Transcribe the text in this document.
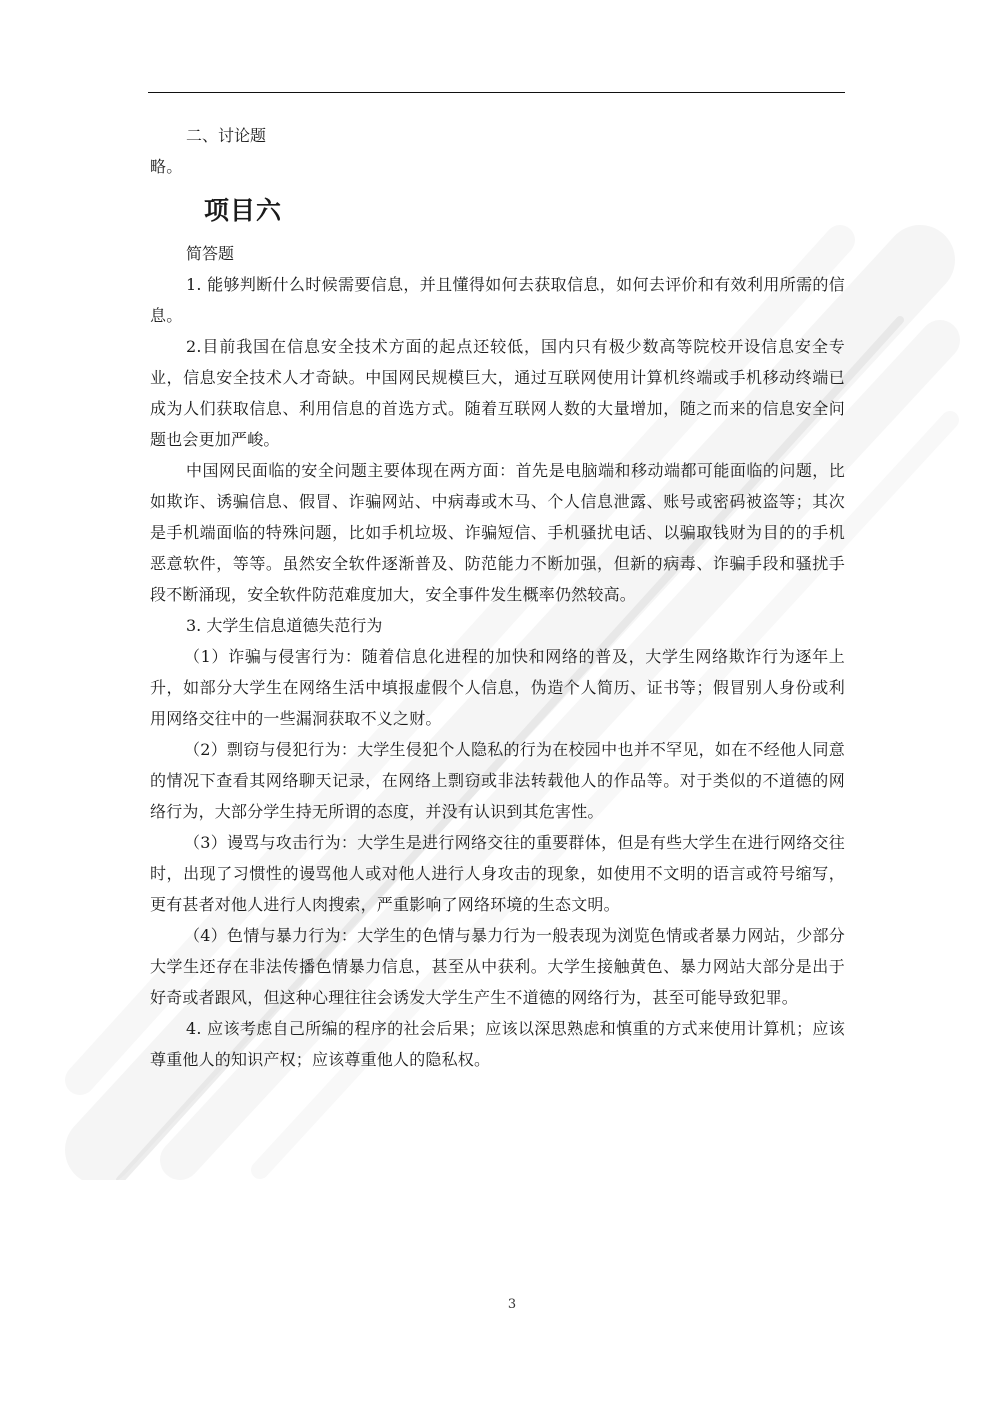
二、讨论题

略。

项目六

简答题

1. 能够判断什么时候需要信息，并且懂得如何去获取信息，如何去评价和有效利用所需的信息。

2.目前我国在信息安全技术方面的起点还较低，国内只有极少数高等院校开设信息安全专业，信息安全技术人才奇缺。中国网民规模巨大，通过互联网使用计算机终端或手机移动终端已成为人们获取信息、利用信息的首选方式。随着互联网人数的大量增加，随之而来的信息安全问题也会更加严峻。

中国网民面临的安全问题主要体现在两方面：首先是电脑端和移动端都可能面临的问题，比如欺诈、诱骗信息、假冒、诈骗网站、中病毒或木马、个人信息泄露、账号或密码被盗等；其次是手机端面临的特殊问题，比如手机垃圾、诈骗短信、手机骚扰电话、以骗取钱财为目的的手机恶意软件，等等。虽然安全软件逐渐普及、防范能力不断加强，但新的病毒、诈骗手段和骚扰手段不断涌现，安全软件防范难度加大，安全事件发生概率仍然较高。

3. 大学生信息道德失范行为

（1）诈骗与侵害行为：随着信息化进程的加快和网络的普及，大学生网络欺诈行为逐年上升，如部分大学生在网络生活中填报虚假个人信息，伪造个人简历、证书等；假冒别人身份或利用网络交往中的一些漏洞获取不义之财。

（2）剽窃与侵犯行为：大学生侵犯个人隐私的行为在校园中也并不罕见，如在不经他人同意的情况下查看其网络聊天记录，在网络上剽窃或非法转载他人的作品等。对于类似的不道德的网络行为，大部分学生持无所谓的态度，并没有认识到其危害性。

（3）谩骂与攻击行为：大学生是进行网络交往的重要群体，但是有些大学生在进行网络交往时，出现了习惯性的谩骂他人或对他人进行人身攻击的现象，如使用不文明的语言或符号缩写，更有甚者对他人进行人肉搜索，严重影响了网络环境的生态文明。

（4）色情与暴力行为：大学生的色情与暴力行为一般表现为浏览色情或者暴力网站，少部分大学生还存在非法传播色情暴力信息，甚至从中获利。大学生接触黄色、暴力网站大部分是出于好奇或者跟风，但这种心理往往会诱发大学生产生不道德的网络行为，甚至可能导致犯罪。

4. 应该考虑自己所编的程序的社会后果；应该以深思熟虑和慎重的方式来使用计算机；应该尊重他人的知识产权；应该尊重他人的隐私权。

3
